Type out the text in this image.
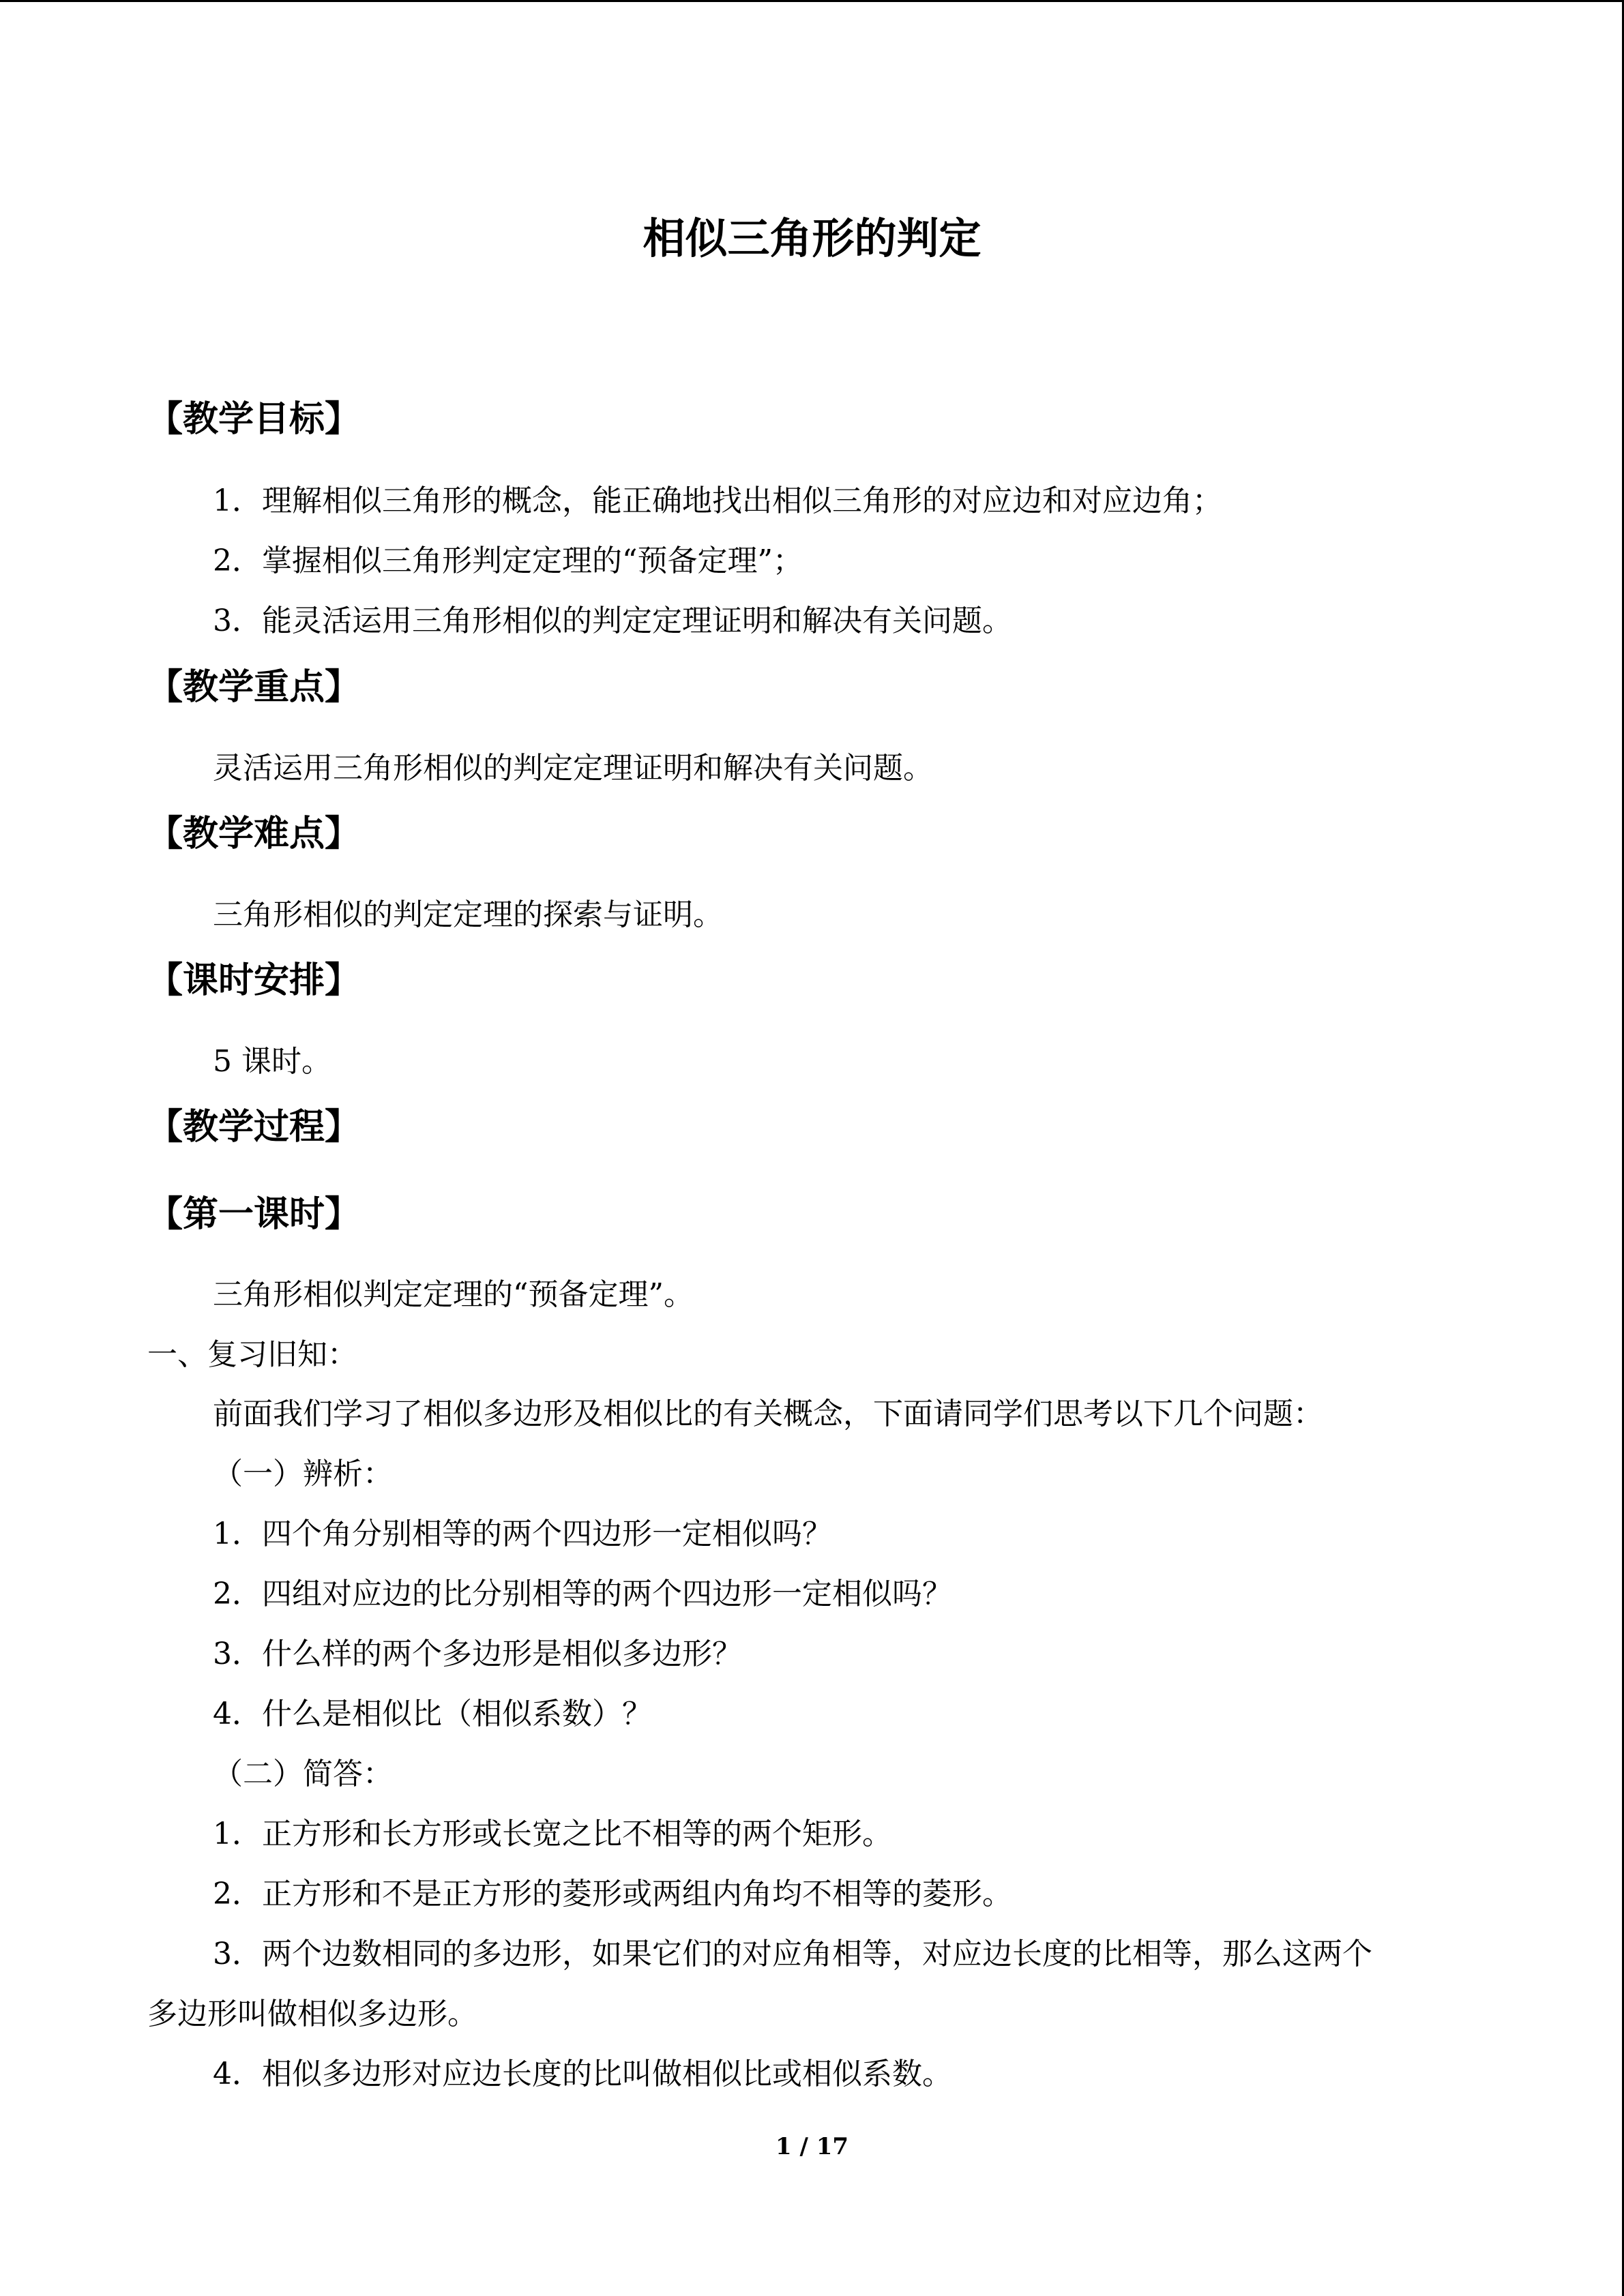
相似三角形的判定
【教学目标】
1．理解相似三角形的概念，能正确地找出相似三角形的对应边和对应边角；
2．掌握相似三角形判定定理的“预备定理”；
3．能灵活运用三角形相似的判定定理证明和解决有关问题。
【教学重点】
灵活运用三角形相似的判定定理证明和解决有关问题。
【教学难点】
三角形相似的判定定理的探索与证明。
【课时安排】
5 课时。
【教学过程】
【第一课时】
三角形相似判定定理的“预备定理”。
一、复习旧知：
前面我们学习了相似多边形及相似比的有关概念，下面请同学们思考以下几个问题：
（一）辨析：
1．四个角分别相等的两个四边形一定相似吗？
2．四组对应边的比分别相等的两个四边形一定相似吗？
3．什么样的两个多边形是相似多边形？
4．什么是相似比（相似系数）？
（二）简答：
1．正方形和长方形或长宽之比不相等的两个矩形。
2．正方形和不是正方形的菱形或两组内角均不相等的菱形。
3．两个边数相同的多边形，如果它们的对应角相等，对应边长度的比相等，那么这两个
多边形叫做相似多边形。
4．相似多边形对应边长度的比叫做相似比或相似系数。
1 / 17
